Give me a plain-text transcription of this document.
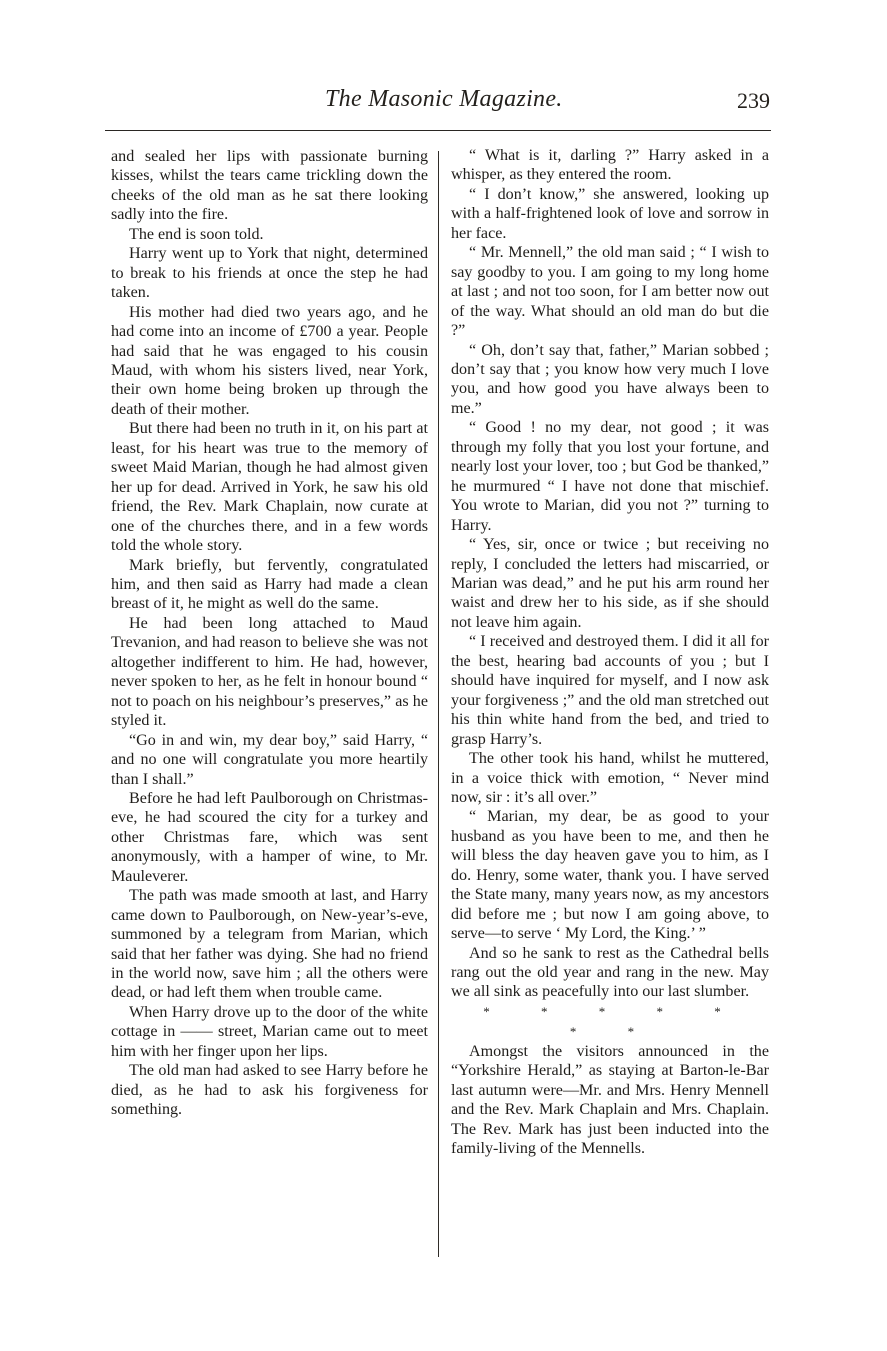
The Masonic Magazine.	239

and sealed her lips with passionate burning kisses, whilst the tears came trickling down the cheeks of the old man as he sat there looking sadly into the fire.

The end is soon told.

Harry went up to York that night, determined to break to his friends at once the step he had taken.

His mother had died two years ago, and he had come into an income of £700 a year. People had said that he was engaged to his cousin Maud, with whom his sisters lived, near York, their own home being broken up through the death of their mother.

But there had been no truth in it, on his part at least, for his heart was true to the memory of sweet Maid Marian, though he had almost given her up for dead. Arrived in York, he saw his old friend, the Rev. Mark Chaplain, now curate at one of the churches there, and in a few words told the whole story.

Mark briefly, but fervently, congratulated him, and then said as Harry had made a clean breast of it, he might as well do the same.

He had been long attached to Maud Trevanion, and had reason to believe she was not altogether indifferent to him. He had, however, never spoken to her, as he felt in honour bound “ not to poach on his neighbour’s preserves,” as he styled it.

“Go in and win, my dear boy,” said Harry, “ and no one will congratulate you more heartily than I shall.”

Before he had left Paulborough on Christmas-eve, he had scoured the city for a turkey and other Christmas fare, which was sent anonymously, with a hamper of wine, to Mr. Mauleverer.

The path was made smooth at last, and Harry came down to Paulborough, on New-year’s-eve, summoned by a telegram from Marian, which said that her father was dying. She had no friend in the world now, save him ; all the others were dead, or had left them when trouble came.

When Harry drove up to the door of the white cottage in —— street, Marian came out to meet him with her finger upon her lips.

The old man had asked to see Harry before he died, as he had to ask his forgiveness for something.

“ What is it, darling ?” Harry asked in a whisper, as they entered the room.

“ I don’t know,” she answered, looking up with a half-frightened look of love and sorrow in her face.

“ Mr. Mennell,” the old man said ; “ I wish to say goodby to you. I am going to my long home at last ; and not too soon, for I am better now out of the way. What should an old man do but die ?”

“ Oh, don’t say that, father,” Marian sobbed ; don’t say that ; you know how very much I love you, and how good you have always been to me.”

“ Good ! no my dear, not good ; it was through my folly that you lost your fortune, and nearly lost your lover, too ; but God be thanked,” he murmured “ I have not done that mischief. You wrote to Marian, did you not ?” turning to Harry.

“ Yes, sir, once or twice ; but receiving no reply, I concluded the letters had miscarried, or Marian was dead,” and he put his arm round her waist and drew her to his side, as if she should not leave him again.

“ I received and destroyed them. I did it all for the best, hearing bad accounts of you ; but I should have inquired for myself, and I now ask your forgiveness ;” and the old man stretched out his thin white hand from the bed, and tried to grasp Harry’s.

The other took his hand, whilst he muttered, in a voice thick with emotion, “ Never mind now, sir : it’s all over.”

“ Marian, my dear, be as good to your husband as you have been to me, and then he will bless the day heaven gave you to him, as I do. Henry, some water, thank you. I have served the State many, many years now, as my ancestors did before me ; but now I am going above, to serve—to serve ‘ My Lord, the King.’ ”

And so he sank to rest as the Cathedral bells rang out the old year and rang in the new. May we all sink as peacefully into our last slumber.

* * * * * * *

Amongst the visitors announced in the “Yorkshire Herald,” as staying at Barton-le-Bar last autumn were—Mr. and Mrs. Henry Mennell and the Rev. Mark Chaplain and Mrs. Chaplain. The Rev. Mark has just been inducted into the family-living of the Mennells.
